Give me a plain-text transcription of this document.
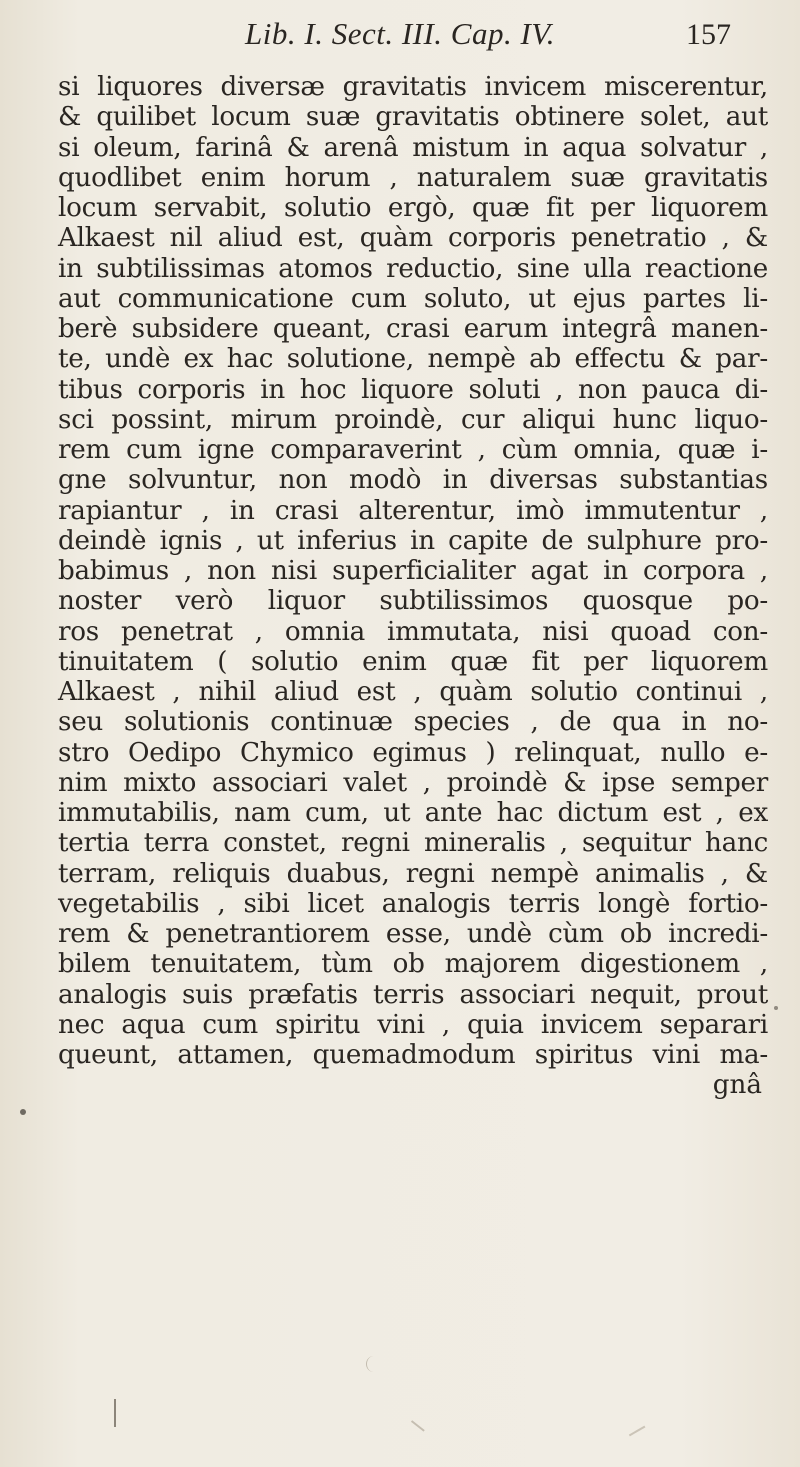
Lib. I. Sect. III. Cap. IV.	157
si liquores diversæ gravitatis invicem miscerentur,
& quilibet locum suæ gravitatis obtinere solet, aut
si oleum, farinâ & arenâ mistum in aqua solvatur ,
quodlibet enim horum , naturalem suæ gravitatis
locum servabit, solutio ergò, quæ fit per liquorem
Alkaest nil aliud est, quàm corporis penetratio , &
in subtilissimas atomos reductio, sine ulla reactione
aut communicatione cum soluto, ut ejus partes li-
berè subsidere queant, crasi earum integrâ manen-
te, undè ex hac solutione, nempè ab effectu & par-
tibus corporis in hoc liquore soluti , non pauca di-
sci possint, mirum proindè, cur aliqui hunc liquo-
rem cum igne comparaverint , cùm omnia, quæ i-
gne solvuntur, non modò in diversas substantias
rapiantur , in crasi alterentur, imò immutentur ,
deindè ignis , ut inferius in capite de sulphure pro-
babimus , non nisi superficialiter agat in corpora ,
noster verò liquor subtilissimos quosque po-
ros penetrat , omnia immutata, nisi quoad con-
tinuitatem ( solutio enim quæ fit per liquorem
Alkaest , nihil aliud est , quàm solutio continui ,
seu solutionis continuæ species , de qua in no-
stro Oedipo Chymico egimus ) relinquat, nullo e-
nim mixto associari valet , proindè & ipse semper
immutabilis, nam cum, ut ante hac dictum est , ex
tertia terra constet, regni mineralis , sequitur hanc
terram, reliquis duabus, regni nempè animalis , &
vegetabilis , sibi licet analogis terris longè fortio-
rem & penetrantiorem esse, undè cùm ob incredi-
bilem tenuitatem, tùm ob majorem digestionem ,
analogis suis præfatis terris associari nequit, prout
nec aqua cum spiritu vini , quia invicem separari
queunt, attamen, quemadmodum spiritus vini ma-
gnâ
